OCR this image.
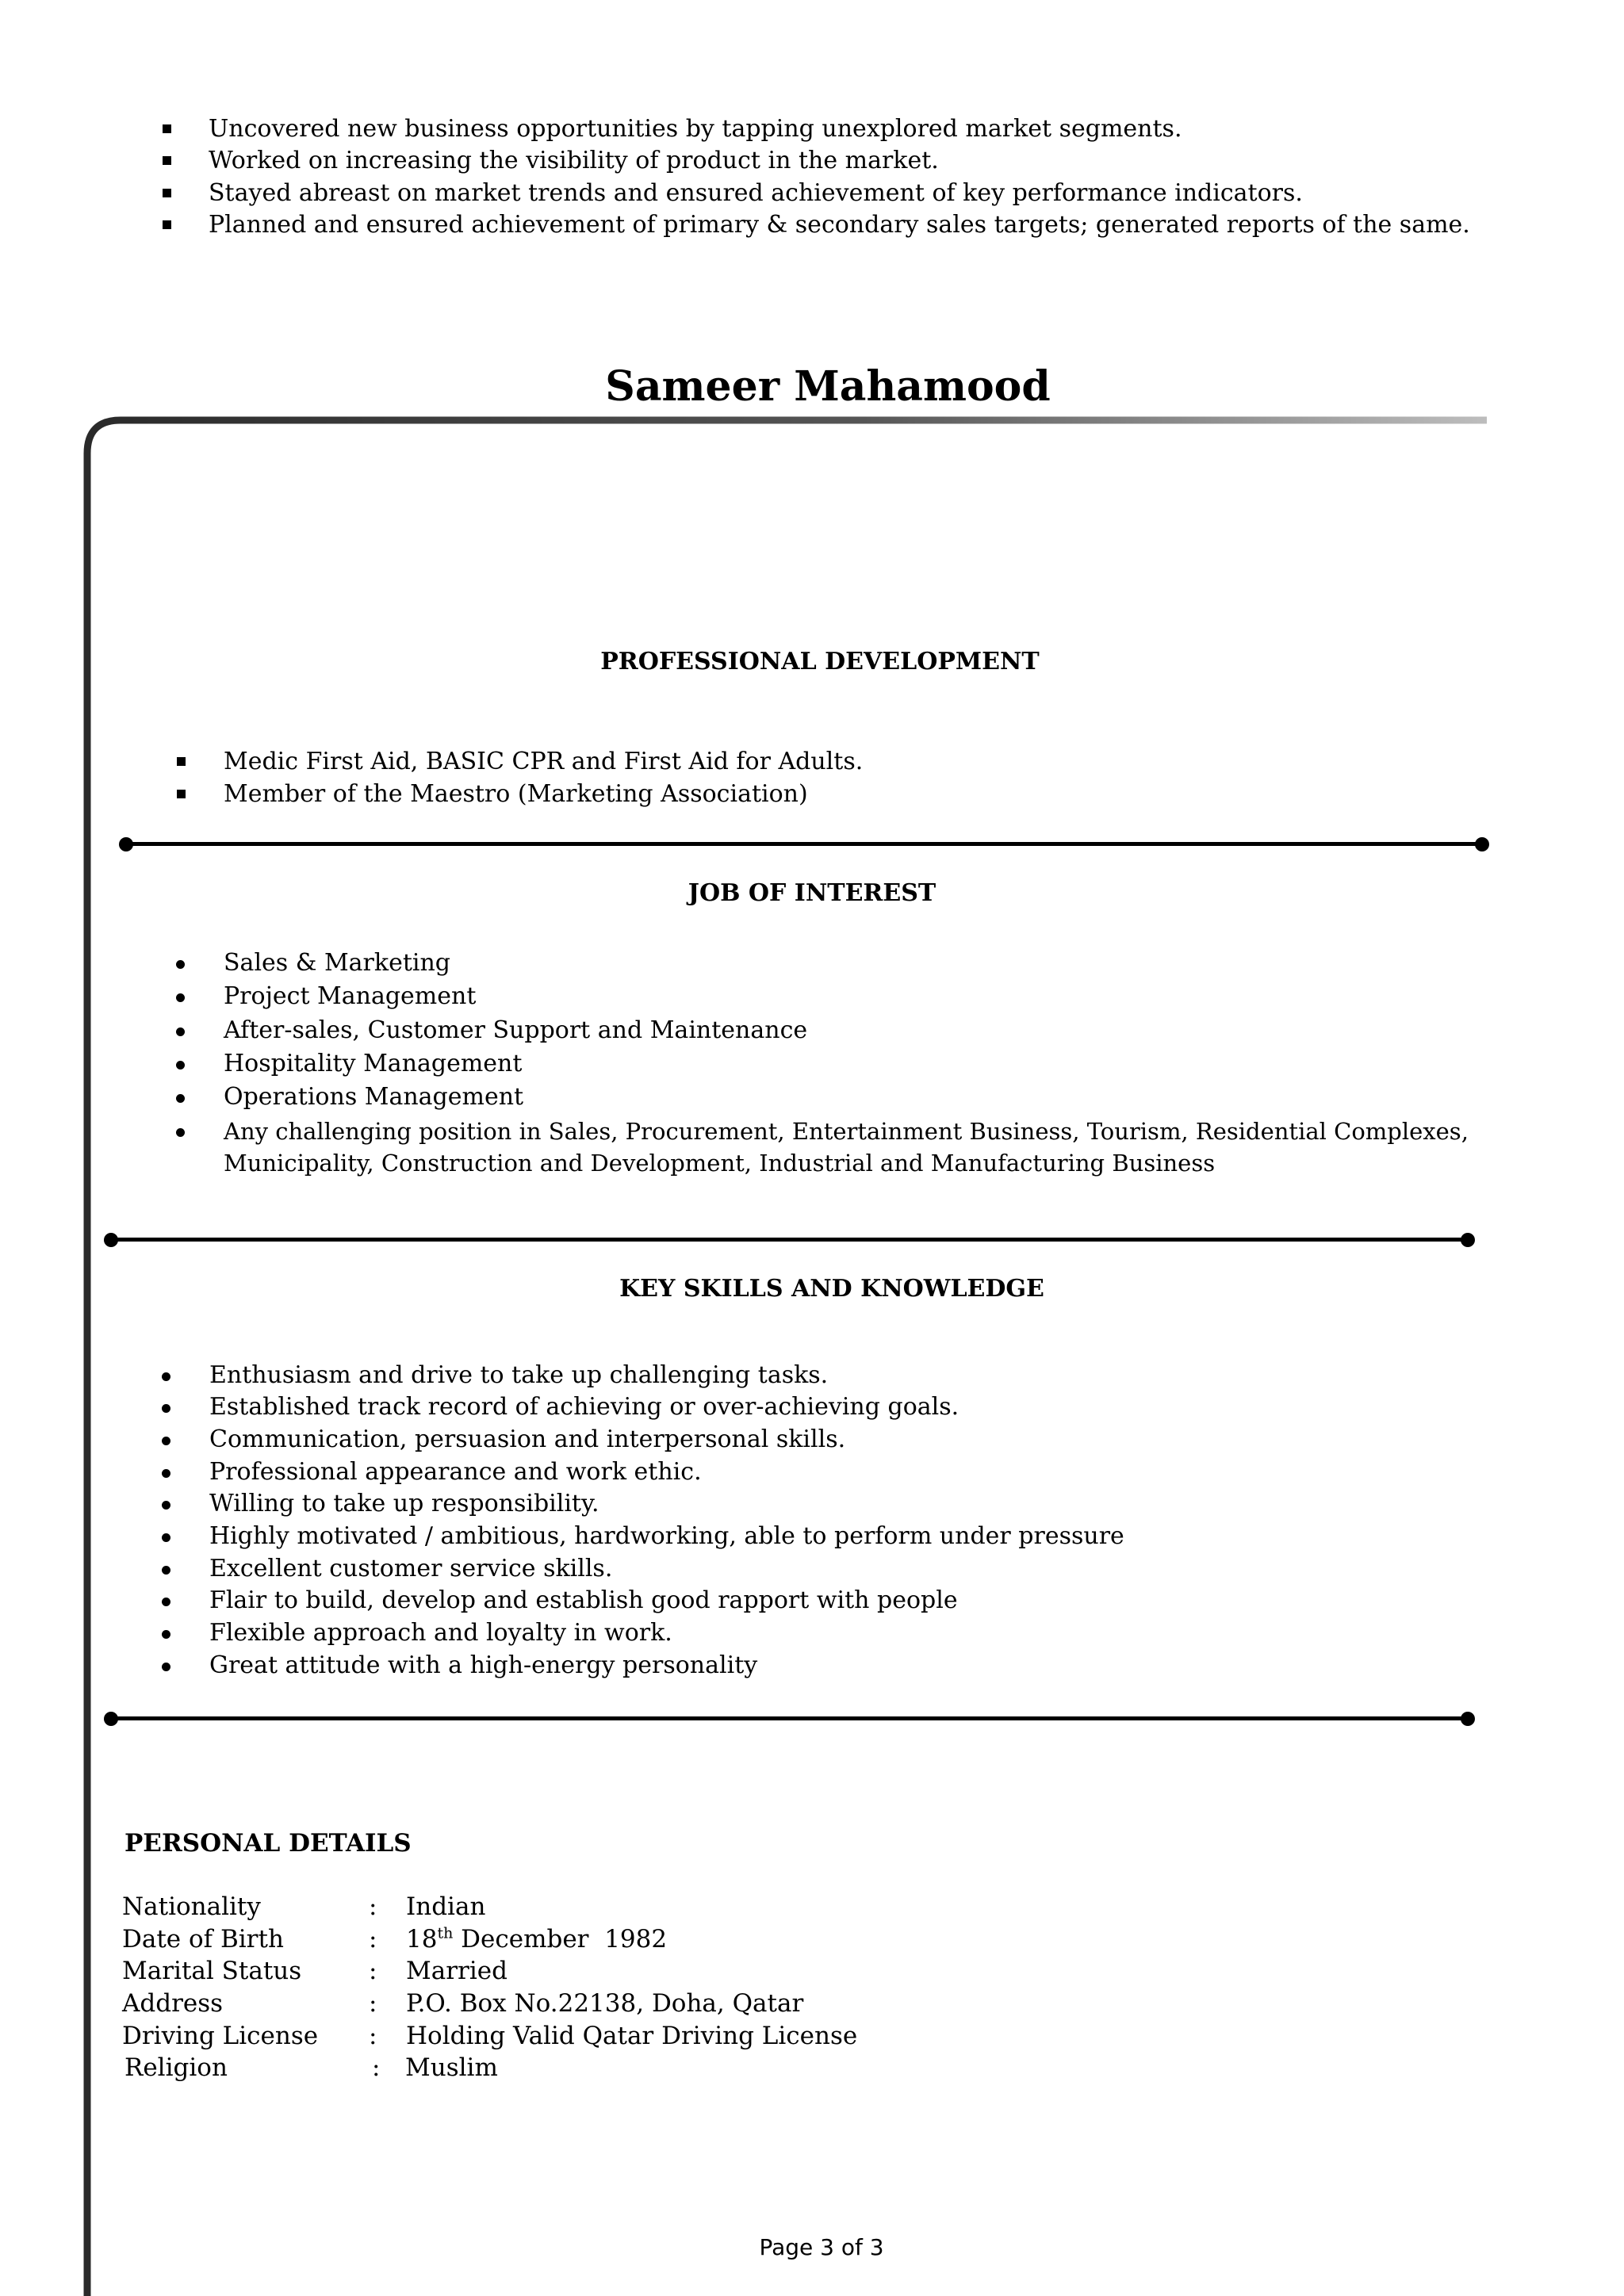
Uncovered new business opportunities by tapping unexplored market segments.
Worked on increasing the visibility of product in the market.
Stayed abreast on market trends and ensured achievement of key performance indicators.
Planned and ensured achievement of primary & secondary sales targets; generated reports of the same.
Sameer Mahamood
PROFESSIONAL DEVELOPMENT
Medic First Aid, BASIC CPR and First Aid for Adults.
Member of the Maestro (Marketing Association)
JOB OF INTEREST
Sales & Marketing
Project Management
After-sales, Customer Support and Maintenance
Hospitality Management
Operations Management
Any challenging position in Sales, Procurement, Entertainment Business, Tourism, Residential Complexes,
Municipality, Construction and Development, Industrial and Manufacturing Business
KEY SKILLS AND KNOWLEDGE
Enthusiasm and drive to take up challenging tasks.
Established track record of achieving or over-achieving goals.
Communication, persuasion and interpersonal skills.
Professional appearance and work ethic.
Willing to take up responsibility.
Highly motivated / ambitious, hardworking, able to perform under pressure
Excellent customer service skills.
Flair to build, develop and establish good rapport with people
Flexible approach and loyalty in work.
Great attitude with a high-energy personality
PERSONAL DETAILS
Nationality	: Indian
Date of Birth	: 18th December  1982
Marital Status	: Married
Address	: P.O. Box No.22138, Doha, Qatar
Driving License : Holding Valid Qatar Driving License
Religion	: Muslim
Page 3 of 3
